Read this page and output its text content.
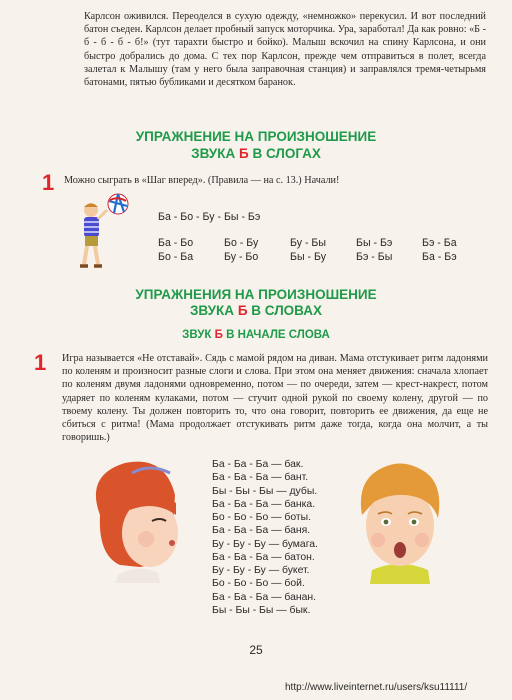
Карлсон оживился. Переоделся в сухую одежду, «немножко» перекусил. И вот последний батон съеден. Карлсон делает пробный запуск моторчика. Ура, заработал! Да как ровно: «Б - б - б - б - б!» (тут тарахти быстро и бойко). Малыш вскочил на спину Карлсона, и они быстро добрались до дома. С тех пор Карлсон, прежде чем отправиться в полет, всегда залетал к Малышу (там у него была заправочная станция) и заправлялся тремя-четырьмя батонами, пятью бубликами и десятком баранок.
УПРАЖНЕНИЕ НА ПРОИЗНОШЕНИЕ
ЗВУКА Б В СЛОГАХ
1 Можно сыграть в «Шаг вперед». (Правила — на с. 13.) Начали!
Ба - Бо - Бу - Бы - Бэ
Ба - Бо	Бо - Бу	Бу - Бы	Бы - Бэ	Бэ - Ба
Бо - Ба	Бу - Бо	Бы - Бу	Бэ - Бы	Ба - Бэ
УПРАЖНЕНИЯ НА ПРОИЗНОШЕНИЕ
ЗВУКА Б В СЛОВАХ
ЗВУК Б В НАЧАЛЕ СЛОВА
1 Игра называется «Не отставай». Сядь с мамой рядом на диван. Мама отстукивает ритм ладонями по коленям и произносит разные слоги и слова. При этом она меняет движения: сначала хлопает по коленям двумя ладонями одновременно, потом — по очереди, затем — крест-накрест, потом ударяет по коленям кулаками, потом — стучит одной рукой по своему колену, другой — по твоему колену. Ты должен повторить то, что она говорит, повторить ее движения, да еще не сбиться с ритма! (Мама продолжает отстукивать ритм даже тогда, когда она молчит, а ты говоришь.)
Ба - Ба - Ба — бак.
Ба - Ба - Ба — бант.
Бы - Бы - Бы — дубы.
Ба - Ба - Ба — банка.
Бо - Бо - Бо — боты.
Ба - Ба - Ба — баня.
Бу - Бу - Бу — бумага.
Ба - Ба - Ба — батон.
Бу - Бу - Бу — букет.
Бо - Бо - Бо — бой.
Ба - Ба - Ба — банан.
Бы - Бы - Бы — бык.
25
http://www.liveinternet.ru/users/ksu11111/
